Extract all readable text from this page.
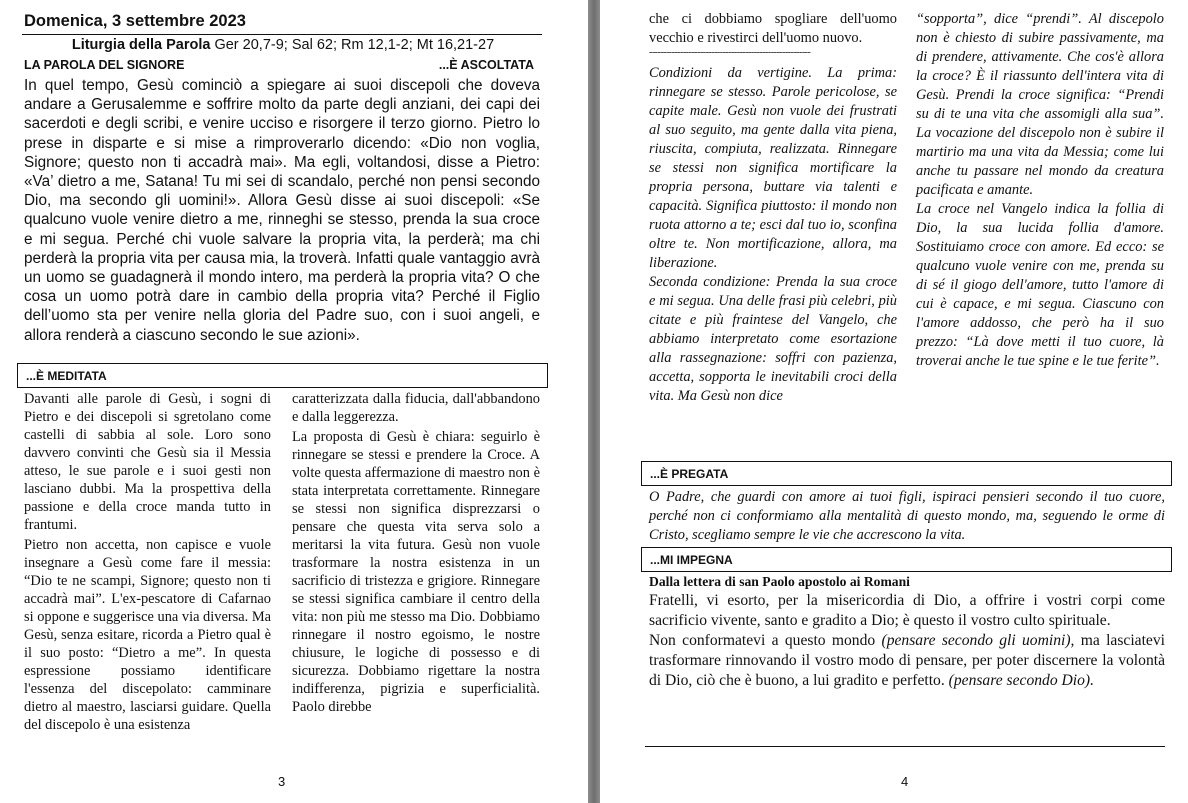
Domenica, 3 settembre 2023
Liturgia della Parola Ger 20,7-9; Sal 62; Rm 12,1-2; Mt 16,21-27
LA PAROLA DEL SIGNORE	...È ASCOLTATA
In quel tempo, Gesù cominciò a spiegare ai suoi discepoli che doveva andare a Gerusalemme e soffrire molto da parte degli anziani, dei capi dei sacerdoti e degli scribi, e venire ucciso e risorgere il terzo giorno. Pietro lo prese in disparte e si mise a rimproverarlo dicendo: «Dio non voglia, Signore; questo non ti accadrà mai». Ma egli, voltandosi, disse a Pietro: «Va’ dietro a me, Satana! Tu mi sei di scandalo, perché non pensi secondo Dio, ma secondo gli uomini!». Allora Gesù disse ai suoi discepoli: «Se qualcuno vuole venire dietro a me, rinneghi se stesso, prenda la sua croce e mi segua. Perché chi vuole salvare la propria vita, la perderà; ma chi perderà la propria vita per causa mia, la troverà. Infatti quale vantaggio avrà un uomo se guadagnerà il mondo intero, ma perderà la propria vita? O che cosa un uomo potrà dare in cambio della propria vita? Perché il Figlio dell’uomo sta per venire nella gloria del Padre suo, con i suoi angeli, e allora renderà a ciascuno secondo le sue azioni».
...È MEDITATA

Davanti alle parole di Gesù, i sogni di Pietro e dei discepoli si sgretolano come castelli di sabbia al sole. Loro sono davvero convinti che Gesù sia il Messia atteso, le sue parole e i suoi gesti non lasciano dubbi. Ma la prospettiva della passione e della croce manda tutto in frantumi.

Pietro non accetta, non capisce e vuole insegnare a Gesù come fare il messia: “Dio te ne scampi, Signore; questo non ti accadrà mai”. L'ex-pescatore di Cafarnao si oppone e suggerisce una via diversa. Ma Gesù, senza esitare, ricorda a Pietro qual è il suo posto: “Dietro a me”. In questa espressione possiamo identificare l'essenza del discepolato: camminare dietro al maestro, lasciarsi guidare. Quella del discepolo è una esistenza

caratterizzata dalla fiducia, dall'abbandono e dalla leggerezza.

La proposta di Gesù è chiara: seguirlo è rinnegare se stessi e prendere la Croce. A volte questa affermazione di maestro non è stata interpretata correttamente. Rinnegare se stessi non significa disprezzarsi o pensare che questa vita serva solo a meritarsi la vita futura. Gesù non vuole trasformare la nostra esistenza in un sacrificio di tristezza e grigiore. Rinnegare se stessi significa cambiare il centro della vita: non più me stesso ma Dio. Dobbiamo rinnegare il nostro egoismo, le nostre chiusure, le logiche di possesso e di sicurezza. Dobbiamo rigettare la nostra indifferenza, pigrizia e superficialità. Paolo direbbe

3

che ci dobbiamo spogliare dell'uomo vecchio e rivestirci dell'uomo nuovo.

---------------------------------------------------------

Condizioni da vertigine. La prima: rinnegare se stesso. Parole pericolose, se capite male. Gesù non vuole dei frustrati al suo seguito, ma gente dalla vita piena, riuscita, compiuta, realizzata. Rinnegare se stessi non significa mortificare la propria persona, buttare via talenti e capacità. Significa piuttosto: il mondo non ruota attorno a te; esci dal tuo io, sconfina oltre te. Non mortificazione, allora, ma liberazione.

Seconda condizione: Prenda la sua croce e mi segua. Una delle frasi più celebri, più citate e più fraintese del Vangelo, che abbiamo interpretato come esortazione alla rassegnazione: soffri con pazienza, accetta, sopporta le inevitabili croci della vita. Ma Gesù non dice

“sopporta”, dice “prendi”. Al discepolo non è chiesto di subire passivamente, ma di prendere, attivamente. Che cos'è allora la croce? È il riassunto dell'intera vita di Gesù. Prendi la croce significa: “Prendi su di te una vita che assomigli alla sua”. La vocazione del discepolo non è subire il martirio ma una vita da Messia; come lui anche tu passare nel mondo da creatura pacificata e amante.

La croce nel Vangelo indica la follia di Dio, la sua lucida follia d'amore. Sostituiamo croce con amore. Ed ecco: se qualcuno vuole venire con me, prenda su di sé il giogo dell'amore, tutto l'amore di cui è capace, e mi segua. Ciascuno con l'amore addosso, che però ha il suo prezzo: “Là dove metti il tuo cuore, là troverai anche le tue spine e le tue ferite”.

...È PREGATA
O Padre, che guardi con amore ai tuoi figli, ispiraci pensieri secondo il tuo cuore, perché non ci conformiamo alla mentalità di questo mondo, ma, seguendo le orme di Cristo, scegliamo sempre le vie che accrescono la vita.
...MI IMPEGNA
Dalla lettera di san Paolo apostolo ai Romani

Fratelli, vi esorto, per la misericordia di Dio, a offrire i vostri corpi come sacrificio vivente, santo e gradito a Dio; è questo il vostro culto spirituale.

Non conformatevi a questo mondo (pensare secondo gli uomini), ma lasciatevi trasformare rinnovando il vostro modo di pensare, per poter discernere la volontà di Dio, ciò che è buono, a lui gradito e perfetto. (pensare secondo Dio).

4
